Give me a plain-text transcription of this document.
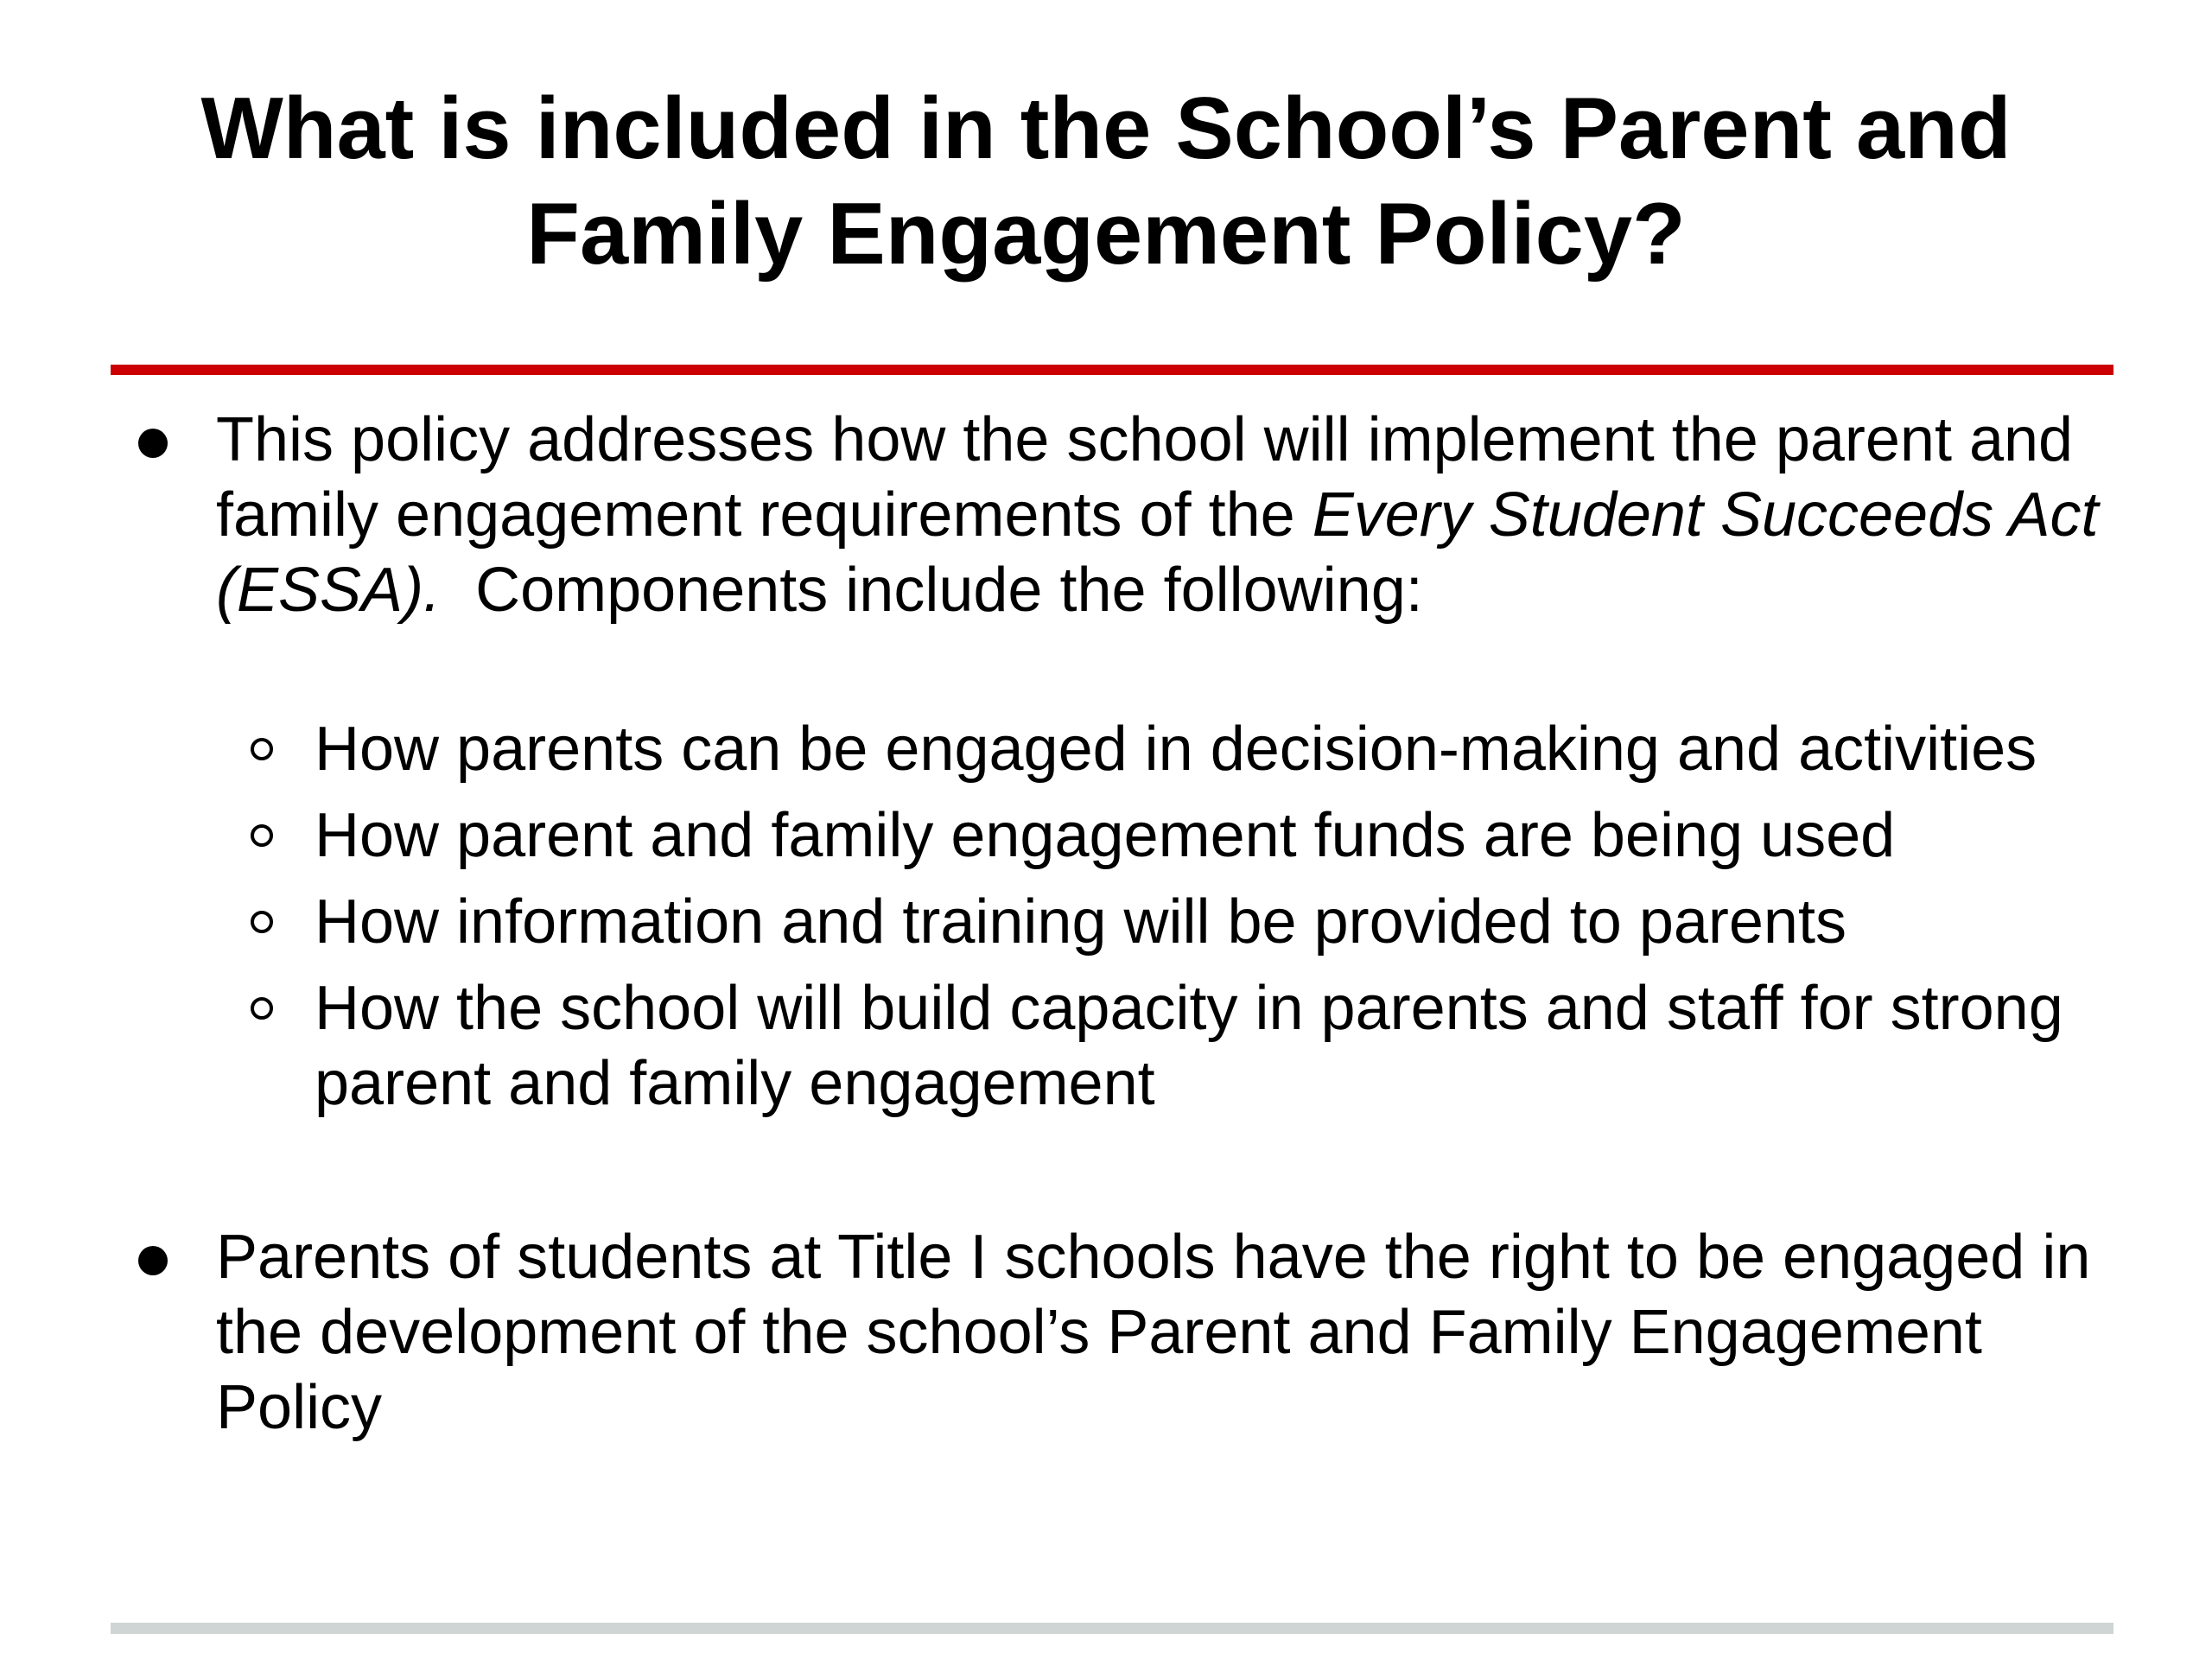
What is included in the School’s Parent and
Family Engagement Policy?

This policy addresses how the school will implement the parent and
family engagement requirements of the Every Student Succeeds Act
(ESSA).  Components include the following:

How parents can be engaged in decision-making and activities

How parent and family engagement funds are being used

How information and training will be provided to parents

How the school will build capacity in parents and staff for strong
parent and family engagement

Parents of students at Title I schools have the right to be engaged in
the development of the school’s Parent and Family Engagement
Policy
